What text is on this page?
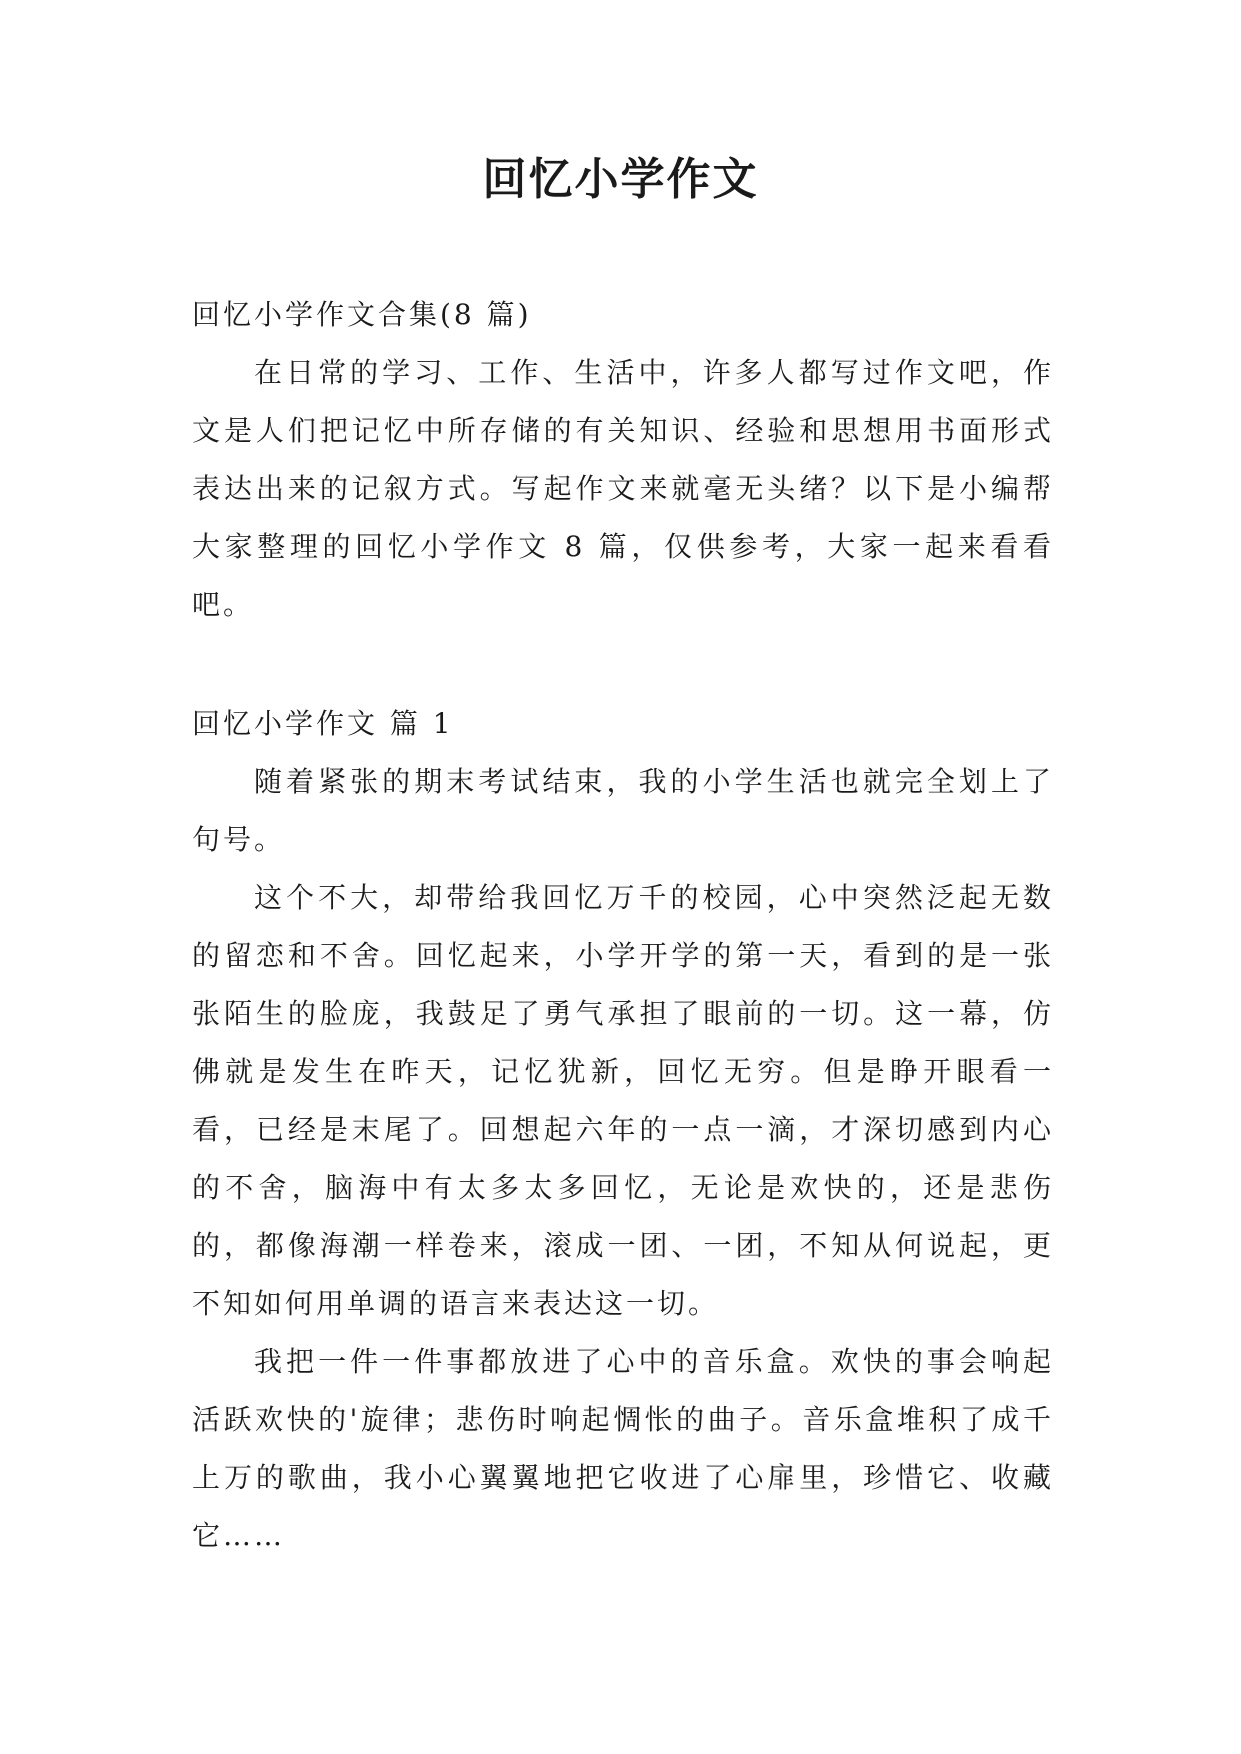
回忆小学作文

回忆小学作文合集(8 篇)

在日常的学习、工作、生活中，许多人都写过作文吧，作文是人们把记忆中所存储的有关知识、经验和思想用书面形式表达出来的记叙方式。写起作文来就毫无头绪？以下是小编帮大家整理的回忆小学作文 8 篇，仅供参考，大家一起来看看吧。

回忆小学作文 篇 1

随着紧张的期末考试结束，我的小学生活也就完全划上了句号。

这个不大，却带给我回忆万千的校园，心中突然泛起无数的留恋和不舍。回忆起来，小学开学的第一天，看到的是一张张陌生的脸庞，我鼓足了勇气承担了眼前的一切。这一幕，仿佛就是发生在昨天，记忆犹新，回忆无穷。但是睁开眼看一看，已经是末尾了。回想起六年的一点一滴，才深切感到内心的不舍，脑海中有太多太多回忆，无论是欢快的，还是悲伤的，都像海潮一样卷来，滚成一团、一团，不知从何说起，更不知如何用单调的语言来表达这一切。

我把一件一件事都放进了心中的音乐盒。欢快的事会响起活跃欢快的'旋律；悲伤时响起惆怅的曲子。音乐盒堆积了成千上万的歌曲，我小心翼翼地把它收进了心扉里，珍惜它、收藏它……
